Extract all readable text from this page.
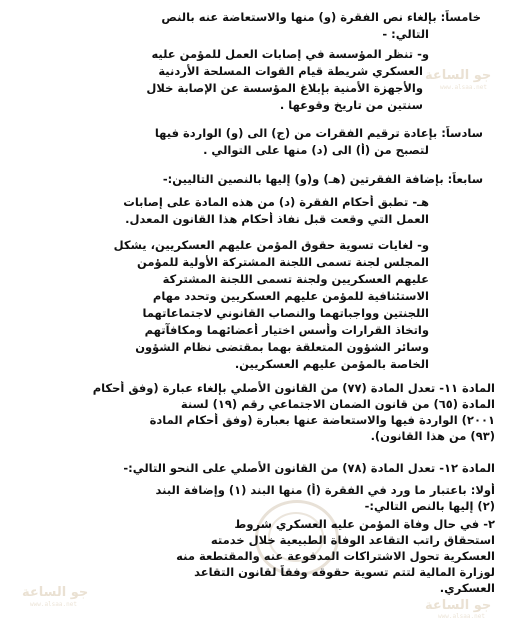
جو الساعة
www.alsaa.net
جو الساعة
www.alsaa.net	جو الساعة
www.alsaa.net
خامساً: بإلغاء نص الفقرة (و) منها والاستعاضة عنه بالنص
التالي: -
و- تنظر المؤسسة في إصابات العمل للمؤمن عليه
العسكري شريطة قيام القوات المسلحة الأردنية
والأجهزة الأمنية بإبلاغ المؤسسة عن الإصابة خلال
سنتين من تاريخ وقوعها .
سادساً: بإعادة ترقيم الفقرات من (ج) الى (و) الواردة فيها
لتصبح من (أ) الى (د) منها على التوالي .
سابعاً: بإضافة الفقرتين (هـ) و(و) إليها بالنصين التاليين:-
هـ- تطبق أحكام الفقرة (د) من هذه المادة على إصابات
العمل التي وقعت قبل نفاذ أحكام هذا القانون المعدل.
و- لغايات تسوية حقوق المؤمن عليهم العسكريين، يشكل
المجلس لجنة تسمى اللجنة المشتركة الأولية للمؤمن
عليهم العسكريين ولجنة تسمى اللجنة المشتركة
الاستئنافية للمؤمن عليهم العسكريين وتحدد مهام
اللجنتين وواجباتهما والنصاب القانوني لاجتماعاتهما
واتخاذ القرارات وأسس اختيار أعضائهما ومكافآتهم
وسائر الشؤون المتعلقة بهما بمقتضى نظام الشؤون
الخاصة بالمؤمن عليهم العسكريين.
المادة ١١- تعدل المادة (٧٧) من القانون الأصلي بإلغاء عبارة (وفق أحكام
المادة (٦٥) من قانون الضمان الاجتماعي رقم (١٩) لسنة
٢٠٠١) الواردة فيها والاستعاضة عنها بعبارة (وفق أحكام المادة
(٩٣) من هذا القانون).
المادة ١٢- تعدل المادة (٧٨) من القانون الأصلي على النحو التالي:-
أولا: باعتبار ما ورد في الفقرة (أ) منها البند (١) وإضافة البند
(٢) إليها بالنص التالي:-
٢- في حال وفاة المؤمن عليه العسكري شروط
استحقاق راتب التقاعد الوفاة الطبيعية خلال خدمته
العسكرية تحول الاشتراكات المدفوعة عنه والمقتطعة منه
لوزارة المالية لتتم تسوية حقوقه وفقاً لقانون التقاعد
العسكري.
